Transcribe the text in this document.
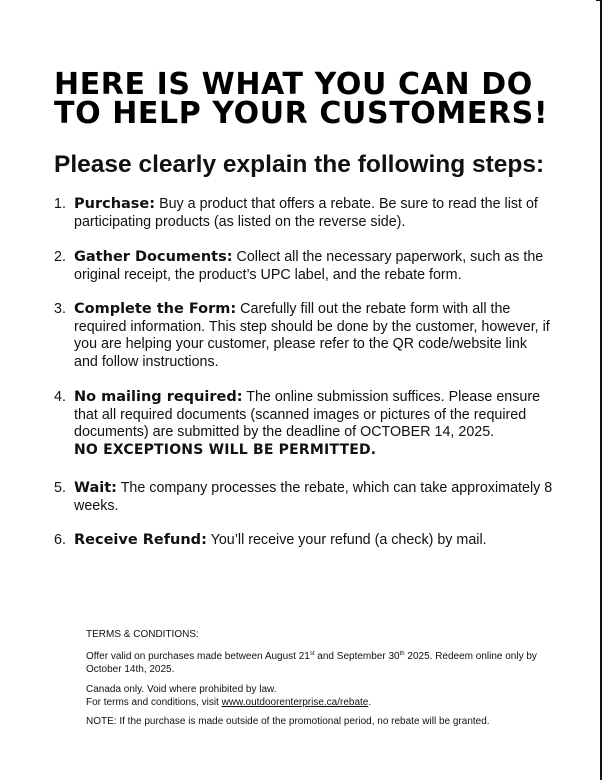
HERE IS WHAT YOU CAN DO
TO HELP YOUR CUSTOMERS!
Please clearly explain the following steps:
1. Purchase: Buy a product that offers a rebate. Be sure to read the list of participating products (as listed on the reverse side).
2. Gather Documents: Collect all the necessary paperwork, such as the original receipt, the product’s UPC label, and the rebate form.
3. Complete the Form: Carefully fill out the rebate form with all the required information. This step should be done by the customer, however, if you are helping your customer, please refer to the QR code/website link and follow instructions.
4. No mailing required: The online submission suffices. Please ensure that all required documents (scanned images or pictures of the required documents) are submitted by the deadline of OCTOBER 14, 2025.
NO EXCEPTIONS WILL BE PERMITTED.
5. Wait: The company processes the rebate, which can take approximately 8 weeks.
6. Receive Refund: You’ll receive your refund (a check) by mail.

TERMS & CONDITIONS:

Offer valid on purchases made between August 21st and September 30th 2025. Redeem online only by October 14th, 2025.

Canada only. Void where prohibited by law.

For terms and conditions, visit www.outdoorenterprise.ca/rebate.

NOTE: If the purchase is made outside of the promotional period, no rebate will be granted.
